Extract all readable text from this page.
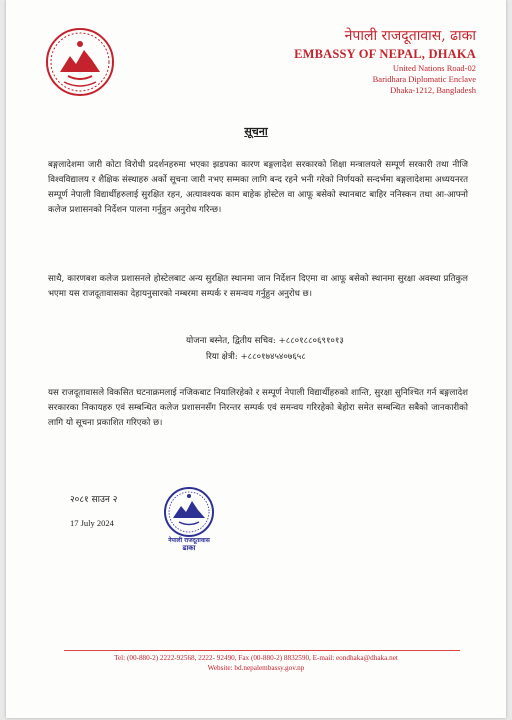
नेपाली राजदूतावास, ढाका
EMBASSY OF NEPAL, DHAKA
United Nations Road-02
Baridhara Diplomatic Enclave
Dhaka-1212, Bangladesh
सूचना
बङ्गलादेशमा जारी कोटा विरोधी प्रदर्शनहरुमा भएका झडपका कारण बङ्गलादेश सरकारको शिक्षा मन्त्रालयले सम्पूर्ण सरकारी तथा नीजि विश्वविद्यालय र शैक्षिक संस्थाहरु अर्को सूचना जारी नभए सम्मका लागि बन्द रहने भनी गरेको निर्णयको सन्दर्भमा बङ्गलादेशमा अध्ययनरत सम्पूर्ण नेपाली विद्यार्थीहरुलाई सुरक्षित रहन, अत्यावश्यक काम बाहेक होस्टेल वा आफू बसेको स्थानबाट बाहिर ननिस्कन तथा आ-आफ्नो कलेज प्रशासनको निर्देशन पालना गर्नुहुन अनुरोध गरिन्छ।
साथै, कारणबश कलेज प्रशासनले होस्टेलबाट अन्य सुरक्षित स्थानमा जान निर्देशन दिएमा वा आफू बसेको स्थानमा सुरक्षा अवस्था प्रतिकुल भएमा यस राजदूतावासका देहायनुसारको नम्बरमा सम्पर्क र समन्वय गर्नुहुन अनुरोध छ।
योजना बस्नेत, द्वितीय सचिव: +८८०१८८०६९१०१३
रिया क्षेत्री: +८८०१७४५४०७६५८
यस राजदूतावासले विकसित घटनाक्रमलाई नजिकबाट नियालिरहेको र सम्पूर्ण नेपाली विद्यार्थीहरुको शान्ति, सुरक्षा सुनिश्चित गर्न बङ्गलादेश सरकारका निकायहरु एवं सम्बन्धित कलेज प्रशासनसँग निरन्तर सम्पर्क एवं समन्वय गरिरहेको बेहोरा समेत सम्बन्धित सबैको जानकारीको लागि यो सूचना प्रकाशित गरिएको छ।
२०८१ साउन २
17 July 2024
नेपाली राजदूतावास
ढाका
Tel: (00-880-2) 2222-92568, 2222- 92490, Fax (00-880-2) 8832590, E-mail: eondhaka@dhaka.net
Website: bd.nepalembassy.gov.np
